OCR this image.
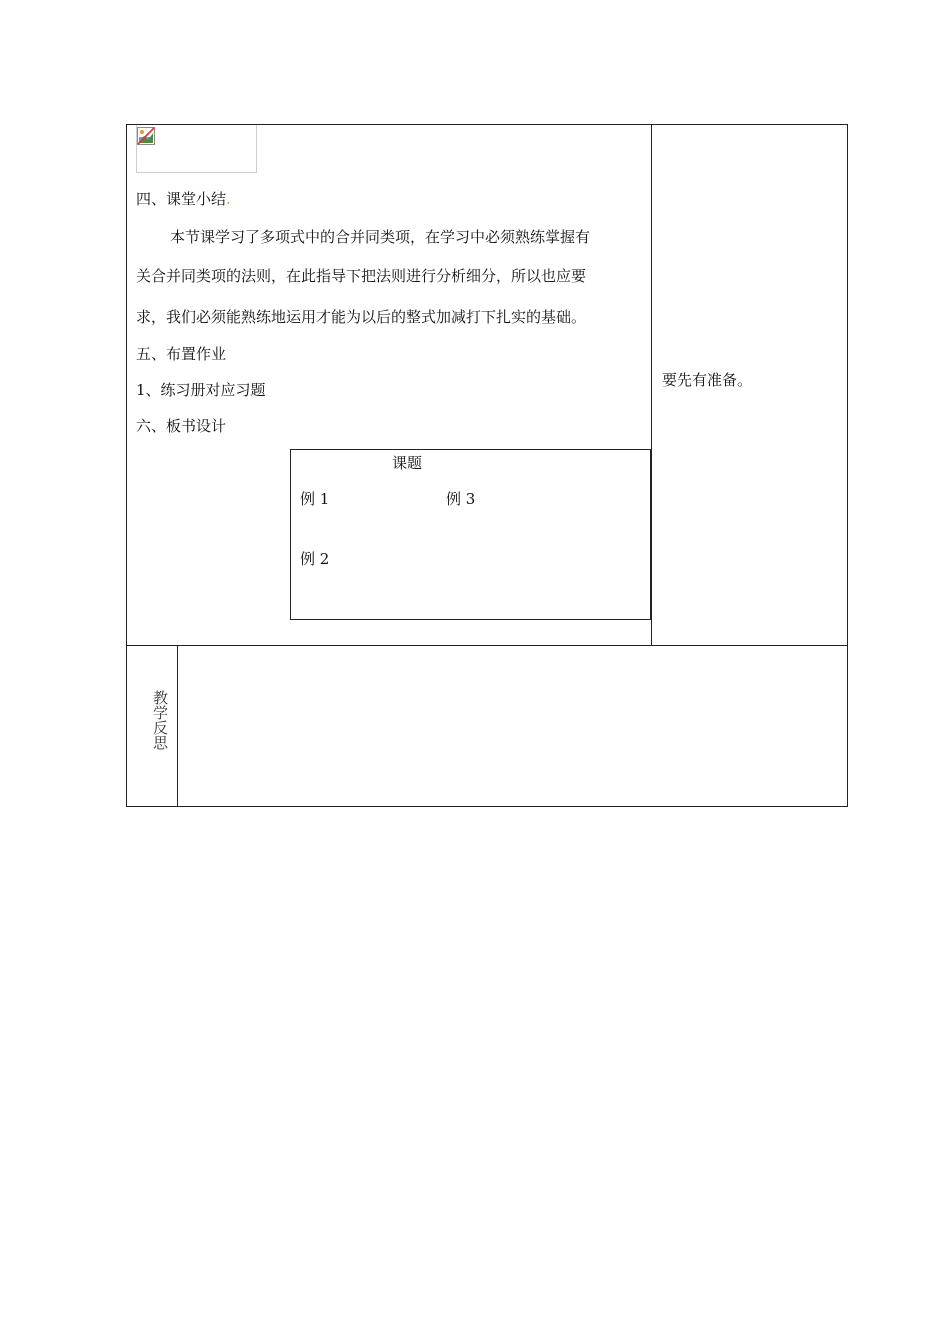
四、课堂小结.
本节课学习了多项式中的合并同类项，在学习中必须熟练掌握有
关合并同类项的法则，在此指导下把法则进行分析细分，所以也应要
求，我们必须能熟练地运用才能为以后的整式加减打下扎实的基础。
五、布置作业
1、练习册对应习题
六、板书设计
课题
例 1	例 3
例 2
要先有准备。
教学反思
